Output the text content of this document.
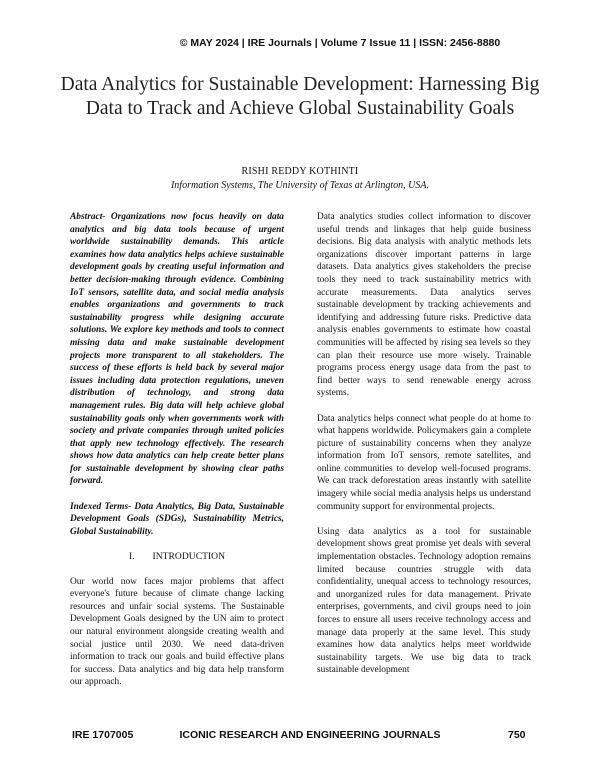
© MAY 2024 | IRE Journals | Volume 7 Issue 11 | ISSN: 2456-8880
Data Analytics for Sustainable Development: Harnessing Big Data to Track and Achieve Global Sustainability Goals
RISHI REDDY KOTHINTI
Information Systems, The University of Texas at Arlington, USA.

Abstract- Organizations now focus heavily on data analytics and big data tools because of urgent worldwide sustainability demands. This article examines how data analytics helps achieve sustainable development goals by creating useful information and better decision-making through evidence. Combining IoT sensors, satellite data, and social media analysis enables organizations and governments to track sustainability progress while designing accurate solutions. We explore key methods and tools to connect missing data and make sustainable development projects more transparent to all stakeholders. The success of these efforts is held back by several major issues including data protection regulations, uneven distribution of technology, and strong data management rules. Big data will help achieve global sustainability goals only when governments work with society and private companies through united policies that apply new technology effectively. The research shows how data analytics can help create better plans for sustainable development by showing clear paths forward.

Indexed Terms- Data Analytics, Big Data, Sustainable Development Goals (SDGs), Sustainability Metrics, Global Sustainability.

I. INTRODUCTION

Our world now faces major problems that affect everyone's future because of climate change lacking resources and unfair social systems. The Sustainable Development Goals designed by the UN aim to protect our natural environment alongside creating wealth and social justice until 2030. We need data-driven information to track our goals and build effective plans for success. Data analytics and big data help transform our approach.

Data analytics studies collect information to discover useful trends and linkages that help guide business decisions. Big data analysis with analytic methods lets organizations discover important patterns in large datasets. Data analytics gives stakeholders the precise tools they need to track sustainability metrics with accurate measurements. Data analytics serves sustainable development by tracking achievements and identifying and addressing future risks. Predictive data analysis enables governments to estimate how coastal communities will be affected by rising sea levels so they can plan their resource use more wisely. Trainable programs process energy usage data from the past to find better ways to send renewable energy across systems.

Data analytics helps connect what people do at home to what happens worldwide. Policymakers gain a complete picture of sustainability concerns when they analyze information from IoT sensors, remote satellites, and online communities to develop well-focused programs. We can track deforestation areas instantly with satellite imagery while social media analysis helps us understand community support for environmental projects.

Using data analytics as a tool for sustainable development shows great promise yet deals with several implementation obstacles. Technology adoption remains limited because countries struggle with data confidentiality, unequal access to technology resources, and unorganized rules for data management. Private enterprises, governments, and civil groups need to join forces to ensure all users receive technology access and manage data properly at the same level. This study examines how data analytics helps meet worldwide sustainability targets. We use big data to track sustainable development

IRE 1707005	ICONIC RESEARCH AND ENGINEERING JOURNALS	750
